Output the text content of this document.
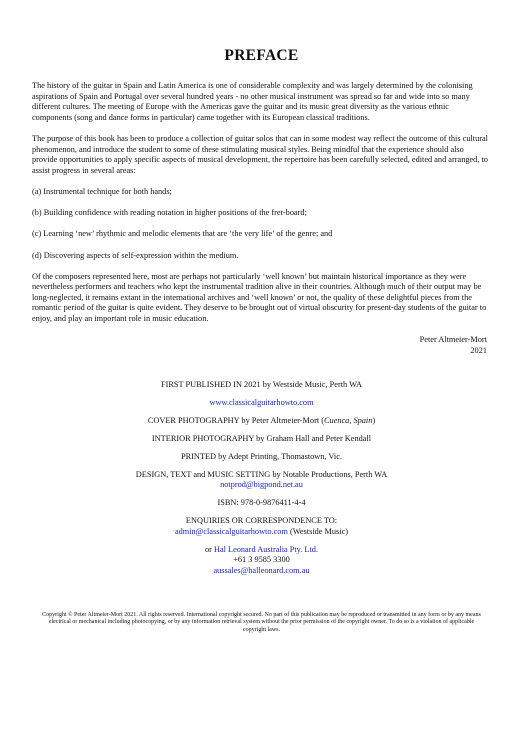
PREFACE

The history of the guitar in Spain and Latin America is one of considerable complexity and was largely determined by the colonising aspirations of Spain and Portugal over several hundred years - no other musical instrument was spread so far and wide into so many different cultures. The meeting of Europe with the Americas gave the guitar and its music great diversity as the various ethnic components (song and dance forms in particular) came together with its European classical traditions.

The purpose of this book has been to produce a collection of guitar solos that can in some modest way reflect the outcome of this cultural phenomenon, and introduce the student to some of these stimulating musical styles. Being mindful that the experience should also provide opportunities to apply specific aspects of musical development, the repertoire has been carefully selected, edited and arranged, to assist progress in several areas:

(a) Instrumental technique for both hands;

(b) Building confidence with reading notation in higher positions of the fret-board;

(c) Learning ‘new’ rhythmic and melodic elements that are ‘the very life’ of the genre; and

(d) Discovering aspects of self-expression within the medium.

Of the composers represented here, most are perhaps not particularly ‘well known’ but maintain historical importance as they were nevertheless performers and teachers who kept the instrumental tradition alive in their countries. Although much of their output may be long-neglected, it remains extant in the international archives and ‘well known’ or not, the quality of these delightful pieces from the romantic period of the guitar is quite evident. They deserve to be brought out of virtual obscurity for present-day students of the guitar to enjoy, and play an important role in music education.

Peter Altmeier-Mort
2021
FIRST PUBLISHED IN 2021 by Westside Music, Perth WA
www.classicalguitarhowto.com
COVER PHOTOGRAPHY by Peter Altmeier-Mort (Cuenca, Spain)
INTERIOR PHOTOGRAPHY by Graham Hall and Peter Kendall
PRINTED by Adept Printing, Thomastown, Vic.
DESIGN, TEXT and MUSIC SETTING by Notable Productions, Perth WA
notprod@bigpond.net.au
ISBN: 978-0-9876411-4-4
ENQUIRIES OR CORRESPONDENCE TO:
admin@classicalguitarhowto.com (Westside Music)
or Hal Leonard Australia Pty. Ltd.
+61 3 9585 3300
aussales@halleonard.com.au
Copyright © Peter Altmeier-Mort 2021. All rights reserved. International copyright secured. No part of this publication may be reproduced or transmitted in any form or by any means electrical or mechanical including photocopying, or by any information retrieval system without the prior permission of the copyright owner. To do so is a violation of applicable copyright laws.
